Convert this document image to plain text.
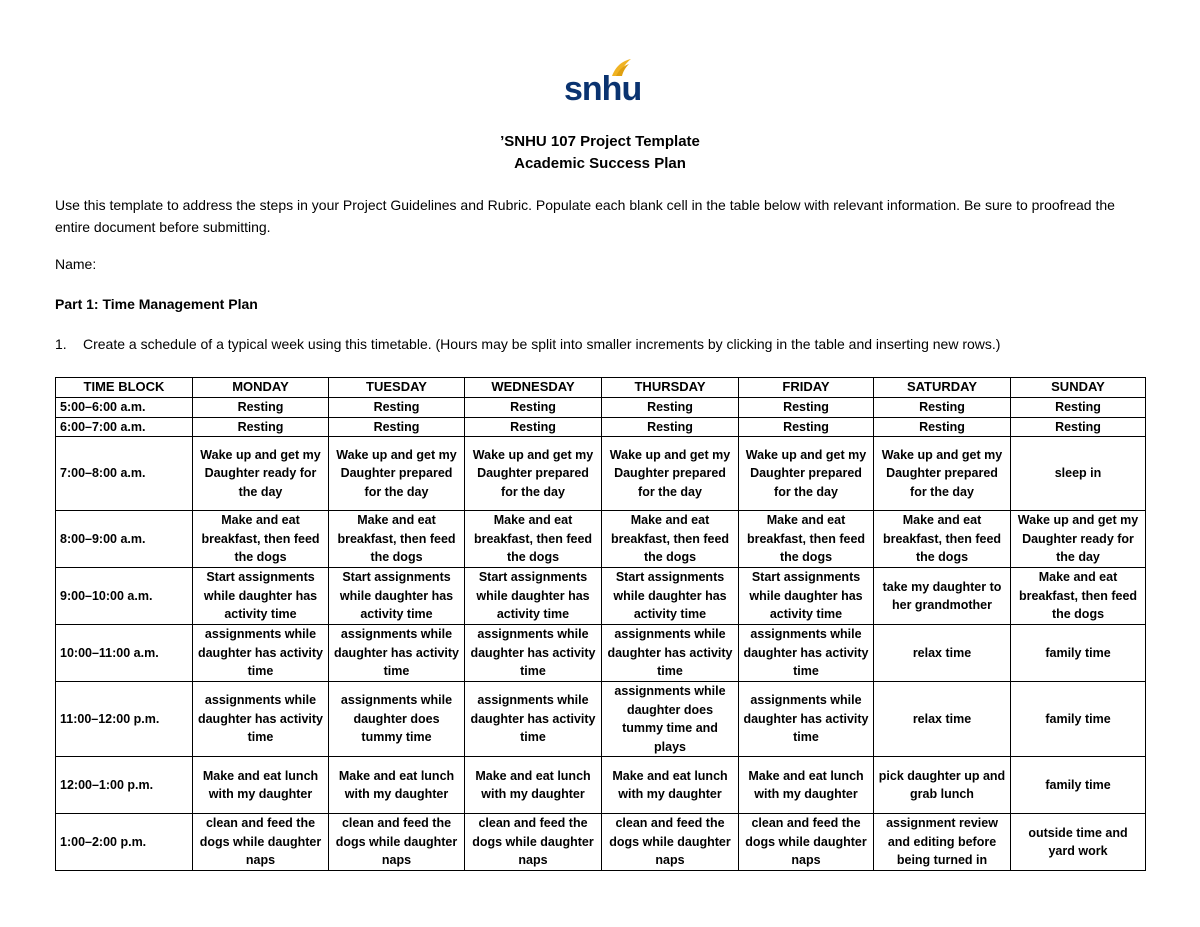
snhu
’SNHU 107 Project Template
Academic Success Plan
Use this template to address the steps in your Project Guidelines and Rubric. Populate each blank cell in the table below with relevant information. Be sure to proofread the entire document before submitting.
Name:
Part 1: Time Management Plan
1. Create a schedule of a typical week using this timetable. (Hours may be split into smaller increments by clicking in the table and inserting new rows.)
TIME BLOCK	MONDAY	TUESDAY	WEDNESDAY	THURSDAY	FRIDAY	SATURDAY	SUNDAY
5:00–6:00 a.m.	Resting	Resting	Resting	Resting	Resting	Resting	Resting
6:00–7:00 a.m.	Resting	Resting	Resting	Resting	Resting	Resting	Resting
7:00–8:00 a.m.	Wake up and get my Daughter ready for the day	Wake up and get my Daughter prepared for the day	Wake up and get my Daughter prepared for the day	Wake up and get my Daughter prepared for the day	Wake up and get my Daughter prepared for the day	Wake up and get my Daughter prepared for the day	sleep in
8:00–9:00 a.m.	Make and eat breakfast, then feed the dogs	Make and eat breakfast, then feed the dogs	Make and eat breakfast, then feed the dogs	Make and eat breakfast, then feed the dogs	Make and eat breakfast, then feed the dogs	Make and eat breakfast, then feed the dogs	Wake up and get my Daughter ready for the day
9:00–10:00 a.m.	Start assignments while daughter has activity time	Start assignments while daughter has activity time	Start assignments while daughter has activity time	Start assignments while daughter has activity time	Start assignments while daughter has activity time	take my daughter to her grandmother	Make and eat breakfast, then feed the dogs
10:00–11:00 a.m.	assignments while daughter has activity time	assignments while daughter has activity time	assignments while daughter has activity time	assignments while daughter has activity time	assignments while daughter has activity time	relax time	family time
11:00–12:00 p.m.	assignments while daughter has activity time	assignments while daughter does tummy time	assignments while daughter has activity time	assignments while daughter does tummy time and plays	assignments while daughter has activity time	relax time	family time
12:00–1:00 p.m.	Make and eat lunch with my daughter	Make and eat lunch with my daughter	Make and eat lunch with my daughter	Make and eat lunch with my daughter	Make and eat lunch with my daughter	pick daughter up and grab lunch	family time
1:00–2:00 p.m.	clean and feed the dogs while daughter naps	clean and feed the dogs while daughter naps	clean and feed the dogs while daughter naps	clean and feed the dogs while daughter naps	clean and feed the dogs while daughter naps	assignment review and editing before being turned in	outside time and yard work
